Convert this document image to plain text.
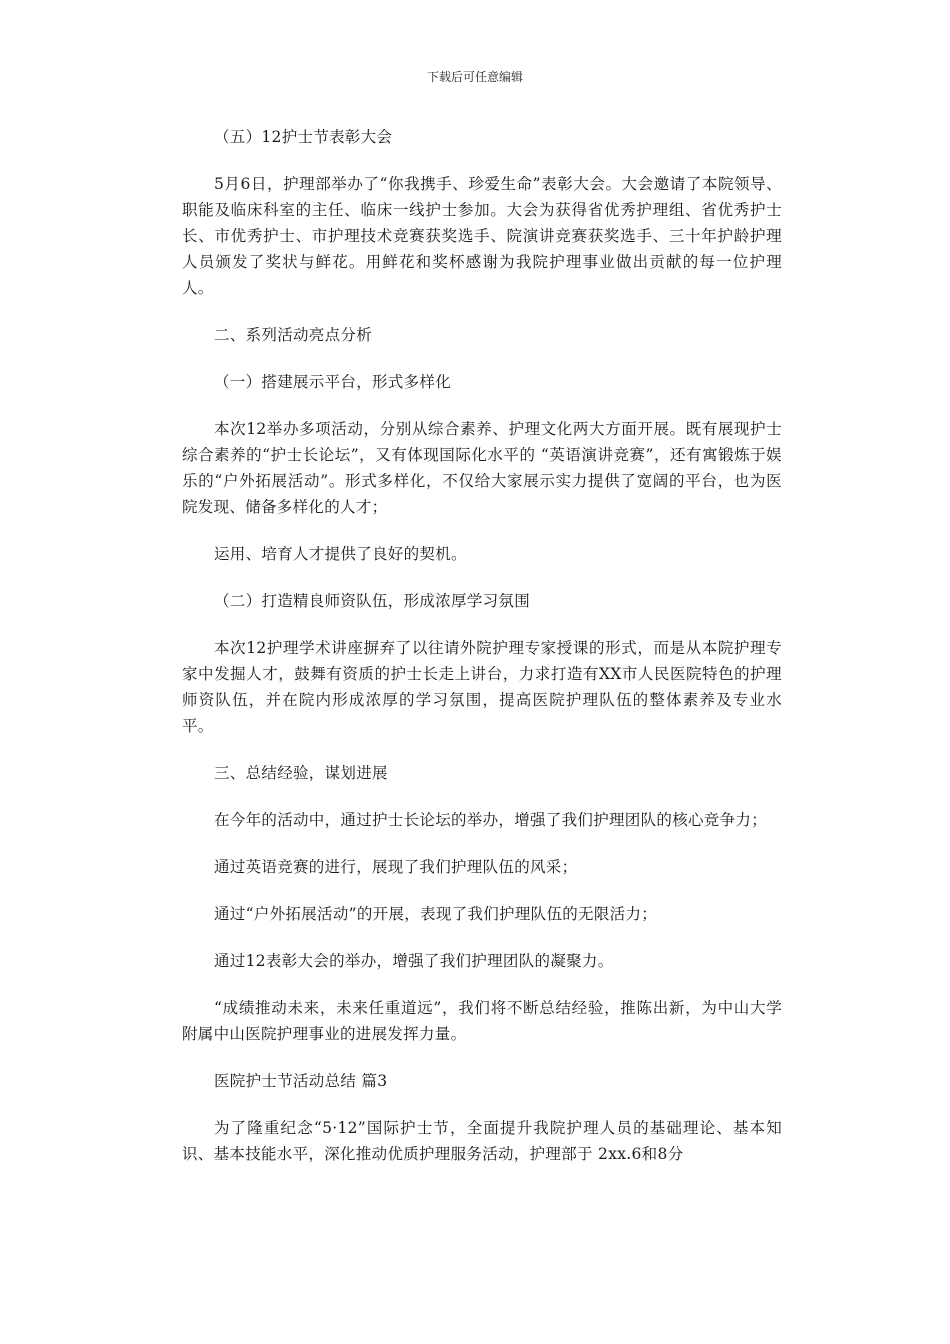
下载后可任意编辑

（五）12护士节表彰大会

5月6日，护理部举办了“你我携手、珍爱生命”表彰大会。大会邀请了本院领导、职能及临床科室的主任、临床一线护士参加。大会为获得省优秀护理组、省优秀护士长、市优秀护士、市护理技术竞赛获奖选手、院演讲竞赛获奖选手、三十年护龄护理人员颁发了奖状与鲜花。用鲜花和奖杯感谢为我院护理事业做出贡献的每一位护理人。

二、系列活动亮点分析

（一）搭建展示平台，形式多样化

本次12举办多项活动，分别从综合素养、护理文化两大方面开展。既有展现护士综合素养的“护士长论坛”，又有体现国际化水平的 “英语演讲竞赛”，还有寓锻炼于娱乐的“户外拓展活动”。形式多样化，不仅给大家展示实力提供了宽阔的平台，也为医院发现、储备多样化的人才；

运用、培育人才提供了良好的契机。

（二）打造精良师资队伍，形成浓厚学习氛围

本次12护理学术讲座摒弃了以往请外院护理专家授课的形式，而是从本院护理专家中发掘人才，鼓舞有资质的护士长走上讲台，力求打造有XX市人民医院特色的护理师资队伍，并在院内形成浓厚的学习氛围，提高医院护理队伍的整体素养及专业水平。

三、总结经验，谋划进展

在今年的活动中，通过护士长论坛的举办，增强了我们护理团队的核心竞争力；

通过英语竞赛的进行，展现了我们护理队伍的风采；

通过“户外拓展活动”的开展，表现了我们护理队伍的无限活力；

通过12表彰大会的举办，增强了我们护理团队的凝聚力。

“成绩推动未来，未来任重道远”，我们将不断总结经验，推陈出新，为中山大学附属中山医院护理事业的进展发挥力量。

医院护士节活动总结 篇3

为了隆重纪念“5·12”国际护士节，全面提升我院护理人员的基础理论、基本知识、基本技能水平，深化推动优质护理服务活动，护理部于 2xx.6和8分
